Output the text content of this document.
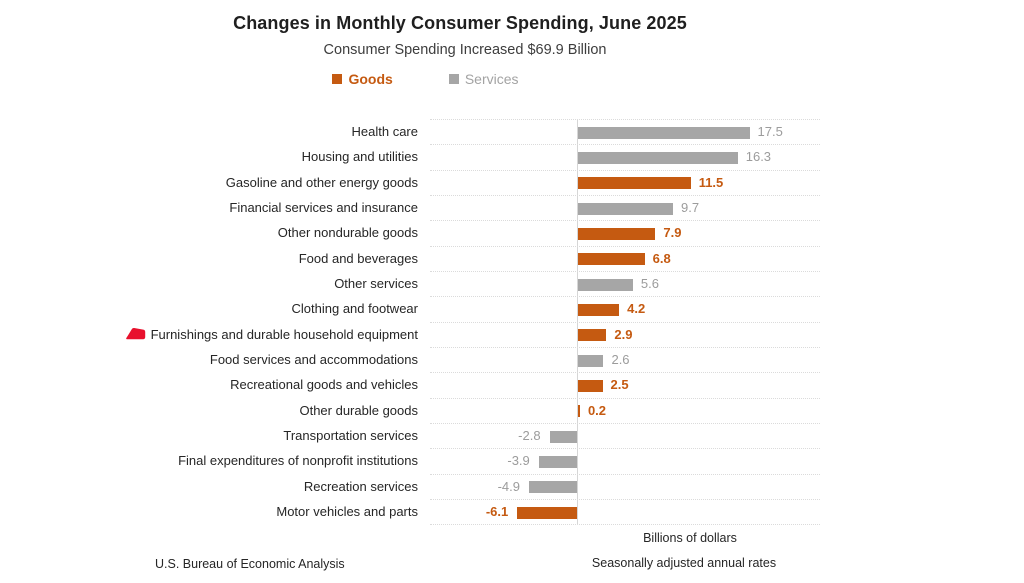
Changes in Monthly Consumer Spending, June 2025
Consumer Spending Increased $69.9 Billion
Goods	Services
Health care	17.5
Housing and utilities	16.3
Gasoline and other energy goods	11.5
Financial services and insurance	9.7
Other nondurable goods	7.9
Food and beverages	6.8
Other services	5.6
Clothing and footwear	4.2
Furnishings and durable household equipment	2.9
Food services and accommodations	2.6
Recreational goods and vehicles	2.5
Other durable goods	0.2
Transportation services	-2.8
Final expenditures of nonprofit institutions	-3.9
Recreation services	-4.9
Motor vehicles and parts	-6.1
Billions of dollars
Seasonally adjusted annual rates
U.S. Bureau of Economic Analysis
